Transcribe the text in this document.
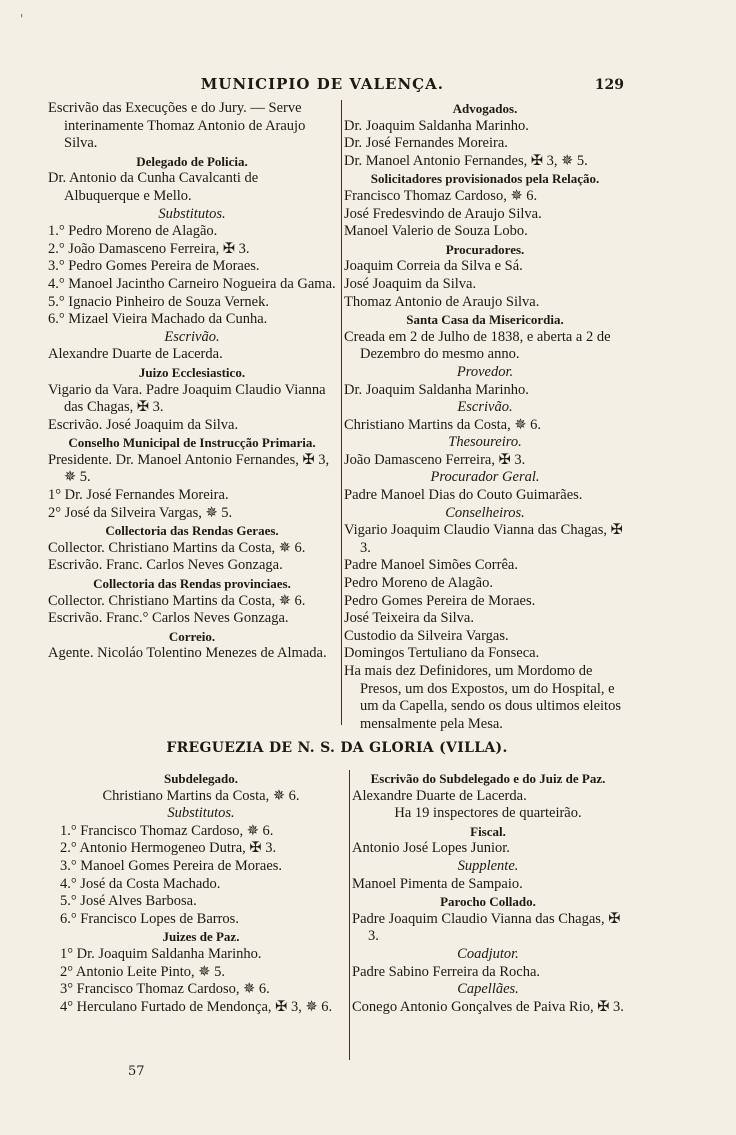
'
MUNICIPIO DE VALENÇA.	129

Escrivão das Execuções e do Jury. — Serve interinamente Thomaz Antonio de Araujo Silva.

Delegado de Policia.

Dr. Antonio da Cunha Cavalcanti de Albuquerque e Mello.

Substitutos.

1.° Pedro Moreno de Alagão.

2.° João Damasceno Ferreira, ✠ 3.

3.° Pedro Gomes Pereira de Moraes.

4.° Manoel Jacintho Carneiro Nogueira da Gama.

5.° Ignacio Pinheiro de Souza Vernek.

6.° Mizael Vieira Machado da Cunha.

Escrivão.

Alexandre Duarte de Lacerda.

Juizo Ecclesiastico.

Vigario da Vara. Padre Joaquim Claudio Vianna das Chagas, ✠ 3.

Escrivão. José Joaquim da Silva.

Conselho Municipal de Instrucção Primaria.

Presidente. Dr. Manoel Antonio Fernandes, ✠ 3, ✵ 5.

1° Dr. José Fernandes Moreira.

2° José da Silveira Vargas, ✵ 5.

Collectoria das Rendas Geraes.

Collector. Christiano Martins da Costa, ✵ 6.

Escrivão. Franc. Carlos Neves Gonzaga.

Collectoria das Rendas provinciaes.

Collector. Christiano Martins da Costa, ✵ 6.

Escrivão. Franc.° Carlos Neves Gonzaga.

Correio.

Agente. Nicoláo Tolentino Menezes de Almada.

Advogados.

Dr. Joaquim Saldanha Marinho.

Dr. José Fernandes Moreira.

Dr. Manoel Antonio Fernandes, ✠ 3, ✵ 5.

Solicitadores provisionados pela Relação.

Francisco Thomaz Cardoso, ✵ 6.

José Fredesvindo de Araujo Silva.

Manoel Valerio de Souza Lobo.

Procuradores.

Joaquim Correia da Silva e Sá.

José Joaquim da Silva.

Thomaz Antonio de Araujo Silva.

Santa Casa da Misericordia.

Creada em 2 de Julho de 1838, e aberta a 2 de Dezembro do mesmo anno.

Provedor.

Dr. Joaquim Saldanha Marinho.

Escrivão.

Christiano Martins da Costa, ✵ 6.

Thesoureiro.

João Damasceno Ferreira, ✠ 3.

Procurador Geral.

Padre Manoel Dias do Couto Guimarães.

Conselheiros.

Vigario Joaquim Claudio Vianna das Chagas, ✠ 3.

Padre Manoel Simões Corrêa.

Pedro Moreno de Alagão.

Pedro Gomes Pereira de Moraes.

José Teixeira da Silva.

Custodio da Silveira Vargas.

Domingos Tertuliano da Fonseca.

Ha mais dez Definidores, um Mordomo de Presos, um dos Expostos, um do Hospital, e um da Capella, sendo os dous ultimos eleitos mensalmente pela Mesa.

FREGUEZIA DE N. S. DA GLORIA (VILLA).

Subdelegado.

Christiano Martins da Costa, ✵ 6.

Substitutos.

1.° Francisco Thomaz Cardoso, ✵ 6.

2.° Antonio Hermogeneo Dutra, ✠ 3.

3.° Manoel Gomes Pereira de Moraes.

4.° José da Costa Machado.

5.° José Alves Barbosa.

6.° Francisco Lopes de Barros.

Juizes de Paz.

1° Dr. Joaquim Saldanha Marinho.

2° Antonio Leite Pinto, ✵ 5.

3° Francisco Thomaz Cardoso, ✵ 6.

4° Herculano Furtado de Mendonça, ✠ 3, ✵ 6.

Escrivão do Subdelegado e do Juiz de Paz.

Alexandre Duarte de Lacerda.

Ha 19 inspectores de quarteirão.

Fiscal.

Antonio José Lopes Junior.

Supplente.

Manoel Pimenta de Sampaio.

Parocho Collado.

Padre Joaquim Claudio Vianna das Chagas, ✠ 3.

Coadjutor.

Padre Sabino Ferreira da Rocha.

Capellães.

Conego Antonio Gonçalves de Paiva Rio, ✠ 3.

57
